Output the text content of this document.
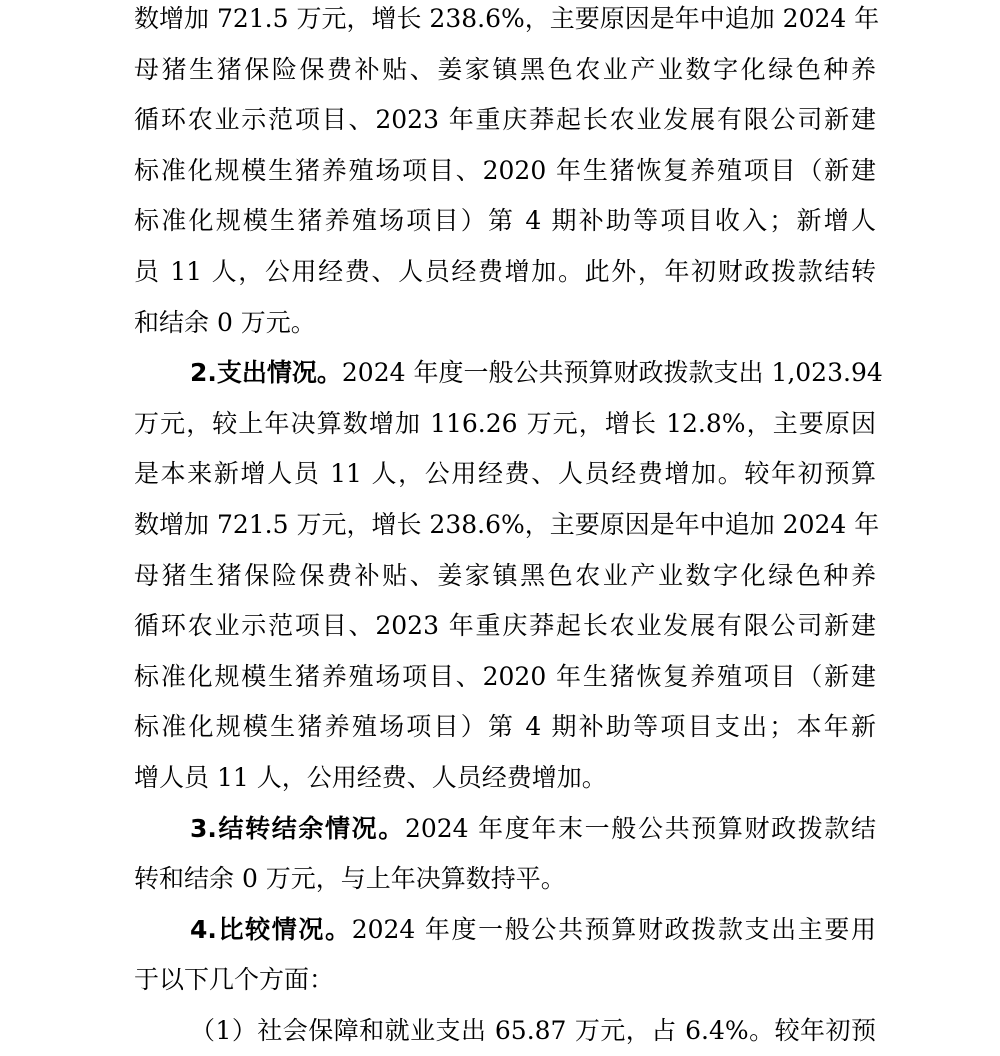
数增加 721.5 万元，增长 238.6%，主要原因是年中追加 2024 年
母猪生猪保险保费补贴、姜家镇黑色农业产业数字化绿色种养
循环农业示范项目、2023 年重庆莽起长农业发展有限公司新建
标准化规模生猪养殖场项目、2020 年生猪恢复养殖项目（新建
标准化规模生猪养殖场项目）第 4 期补助等项目收入；新增人
员 11 人，公用经费、人员经费增加。此外，年初财政拨款结转
和结余 0 万元。
2.支出情况。2024 年度一般公共预算财政拨款支出 1,023.94
万元，较上年决算数增加 116.26 万元，增长 12.8%，主要原因
是本来新增人员 11 人，公用经费、人员经费增加。较年初预算
数增加 721.5 万元，增长 238.6%，主要原因是年中追加 2024 年
母猪生猪保险保费补贴、姜家镇黑色农业产业数字化绿色种养
循环农业示范项目、2023 年重庆莽起长农业发展有限公司新建
标准化规模生猪养殖场项目、2020 年生猪恢复养殖项目（新建
标准化规模生猪养殖场项目）第 4 期补助等项目支出；本年新
增人员 11 人，公用经费、人员经费增加。
3.结转结余情况。2024 年度年末一般公共预算财政拨款结
转和结余 0 万元，与上年决算数持平。
4.比较情况。2024 年度一般公共预算财政拨款支出主要用
于以下几个方面：
（1）社会保障和就业支出 65.87 万元，占 6.4%。较年初预
